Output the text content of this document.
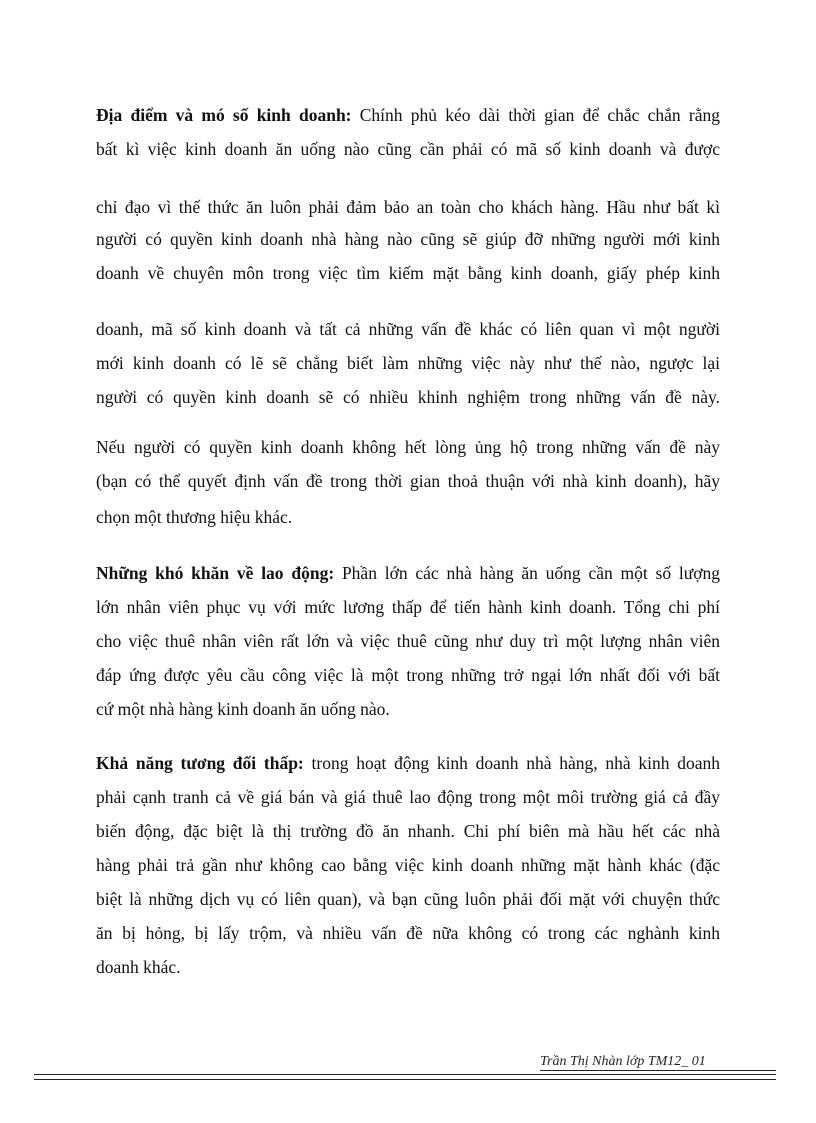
Địa điểm và mó số kinh doanh: Chính phủ kéo dài thời gian để chắc chắn rằng
bất kì việc kinh doanh ăn uống nào cũng cần phải có mã số kinh doanh và được
chỉ đạo vì thế thức ăn luôn phải đảm bảo an toàn cho khách hàng. Hầu như bất kì
người có quyền kinh doanh nhà hàng nào cũng sẽ giúp đỡ những người mới kinh
doanh về chuyên môn trong việc tìm kiếm mặt bằng kinh doanh, giấy phép kinh
doanh, mã số kinh doanh và tất cả những vấn đề khác có liên quan vì một người
mới kinh doanh có lẽ sẽ chẳng biết làm những việc này như thế nào, ngược lại
người có quyền kinh doanh sẽ có nhiều khinh nghiệm trong những vấn đề này.
Nếu người có quyền kinh doanh không hết lòng ủng hộ trong những vấn đề này
(bạn có thể quyết định vấn đề trong thời gian thoả thuận với nhà kinh doanh), hãy
chọn một thương hiệu khác.
Những khó khăn về lao động: Phần lớn các nhà hàng ăn uống cần một số lượng
lớn nhân viên phục vụ với mức lương thấp để tiến hành kinh doanh. Tổng chi phí
cho việc thuê nhân viên rất lớn và việc thuê cũng như duy trì một lượng nhân viên
đáp ứng được yêu cầu công việc là một trong những trở ngại lớn nhất đối với bất
cứ một nhà hàng kinh doanh ăn uống nào.
Khả năng tương đối thấp: trong hoạt động kinh doanh nhà hàng, nhà kinh doanh
phải cạnh tranh cả về giá bán và giá thuê lao động trong một môi trường giá cả đầy
biến động, đặc biệt là thị trường đồ ăn nhanh. Chi phí biên mà hầu hết các nhà
hàng phải trả gần như không cao bằng việc kinh doanh những mặt hành khác (đặc
biệt là những dịch vụ có liên quan), và bạn cũng luôn phải đối mặt với chuyện thức
ăn bị hỏng, bị lấy trộm, và nhiều vấn đề nữa không có trong các nghành kinh
doanh khác.
Trần Thị Nhàn lớp TM12_ 01
